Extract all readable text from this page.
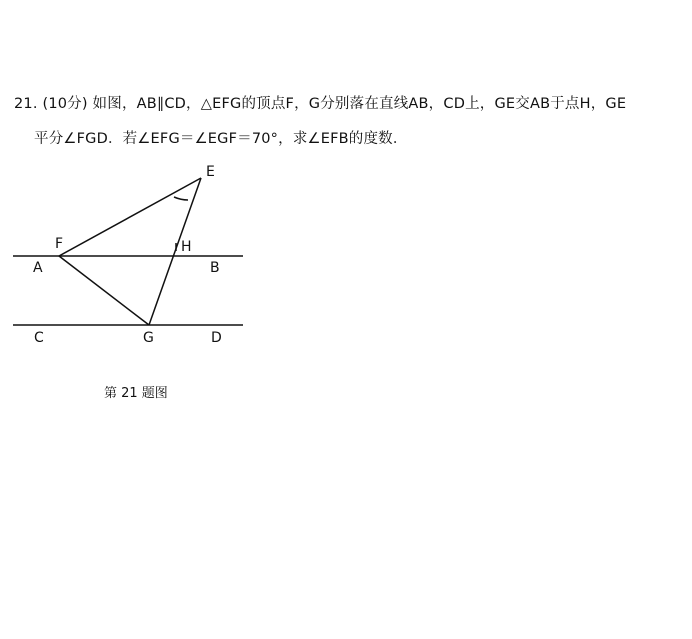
21. (10分) 如图，AB∥CD，△EFG的顶点F，G分别落在直线AB，CD上，GE交AB于点H，GE
平分∠FGD．若∠EFG＝∠EGF＝70°，求∠EFB的度数．
E
F	H
A	B
C	G	D
第 21 题图
